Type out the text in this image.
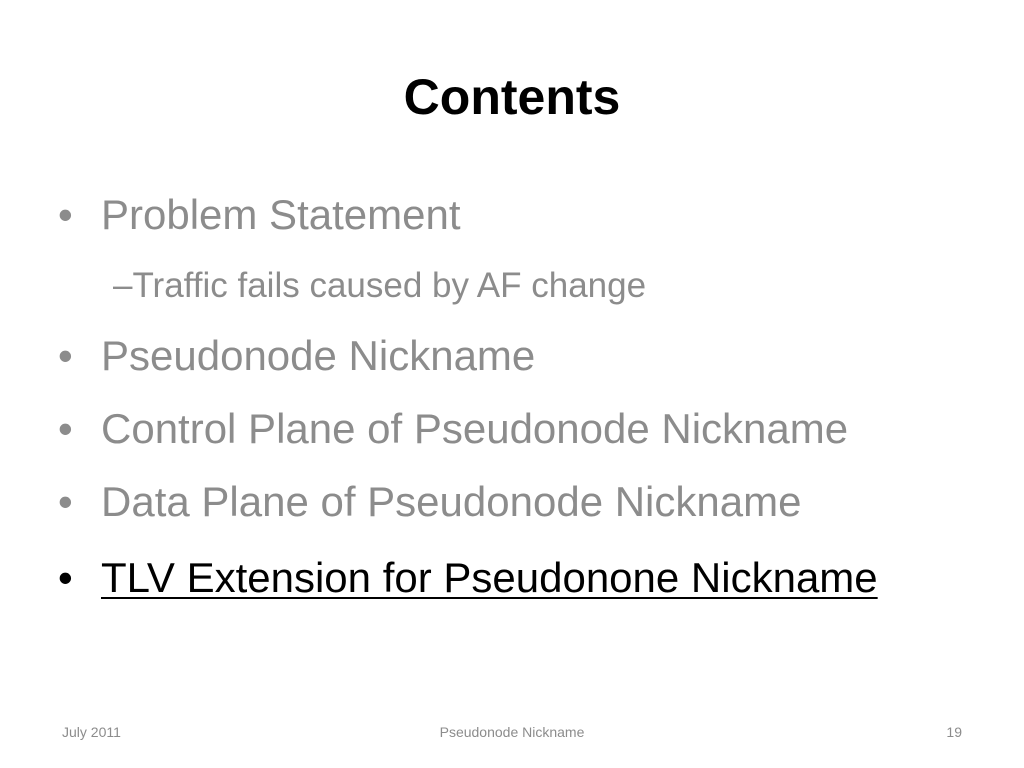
Contents
• Problem Statement
–Traffic fails caused by AF change
• Pseudonode Nickname
• Control Plane of Pseudonode Nickname
• Data Plane of Pseudonode Nickname
• TLV Extension for Pseudonone Nickname
July 2011	Pseudonode Nickname	19
